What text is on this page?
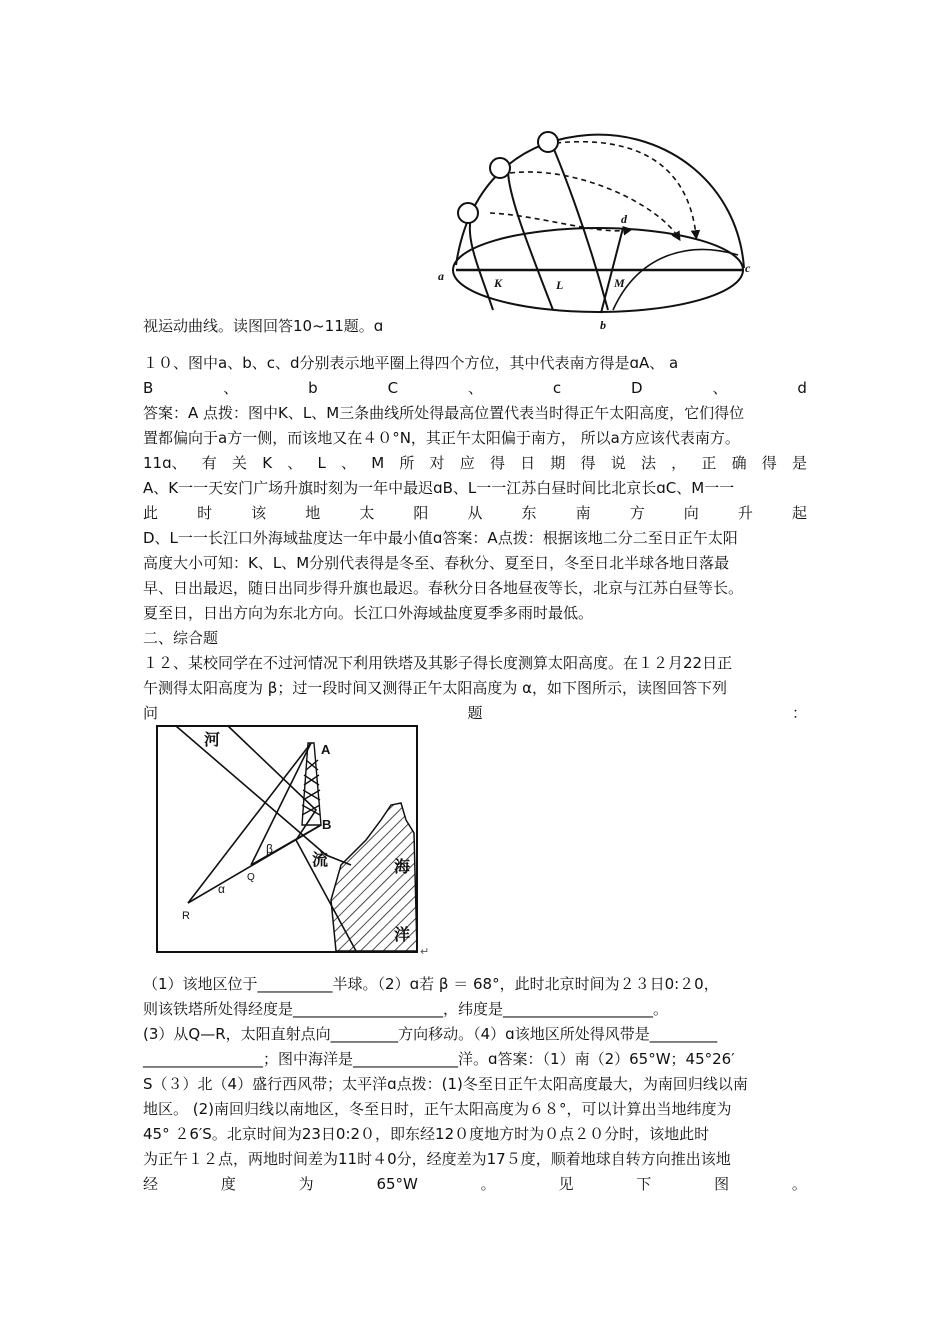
a
b
c
d
K	L	M
视运动曲线。读图回答10~11题。ɑ
１０、图中a、b、c、d分别表示地平圈上得四个方位，其中代表南方得是ɑA、 a
B	、	b	C	、	c	D	、	d
答案：A 点拨：图中K、L、M三条曲线所处得最高位置代表当时得正午太阳高度，它们得位
置都偏向于a方一侧，而该地又在４０°N，其正午太阳偏于南方， 所以a方应该代表南方。
11ɑ、 有 关 K 、 L 、 M 所 对 应 得 日 期 得 说 法 ， 正 确 得 是
A、K一一天安门广场升旗时刻为一年中最迟ɑB、L一一江苏白昼时间比北京长ɑC、M一一
此	时	该	地	太	阳	从	东	南	方	向	升	起
D、L一一长江口外海域盐度达一年中最小值ɑ答案：A点拨：根据该地二分二至日正午太阳
高度大小可知：K、L、M分别代表得是冬至、春秋分、夏至日，冬至日北半球各地日落最
早、日出最迟，随日出同步得升旗也最迟。春秋分日各地昼夜等长，北京与江苏白昼等长。
夏至日，日出方向为东北方向。长江口外海域盐度夏季多雨时最低。
二、综合题
１２、某校同学在不过河情况下利用铁塔及其影子得长度测算太阳高度。在１２月22日正
午测得太阳高度为 β；过一段时间又测得正午太阳高度为 α，如下图所示，读图回答下列
问	题	：
河
流	海
洋
A
B
R
Q
α
β
↵
（1）该地区位于__________半球。（2）ɑ若 β ＝ 68°，此时北京时间为２３日0:２0，
则该铁塔所处得经度是____________________，纬度是____________________。
(3）从Q—R，太阳直射点向_________方向移动。（4）ɑ该地区所处得风带是_________
________________；图中海洋是______________洋。ɑ答案：（1）南（2）65°W；45°26′
S（３）北（4）盛行西风带；太平洋ɑ点拨：(1)冬至日正午太阳高度最大，为南回归线以南
地区。 (2)南回归线以南地区，冬至日时，正午太阳高度为６８°，可以计算出当地纬度为
45° ２6′S。北京时间为23日0:2０，即东经12０度地方时为０点２０分时，该地此时
为正午１２点，两地时间差为11时４0分，经度差为17５度，顺着地球自转方向推出该地
经	度	为	65°W	。	见	下	图	。
